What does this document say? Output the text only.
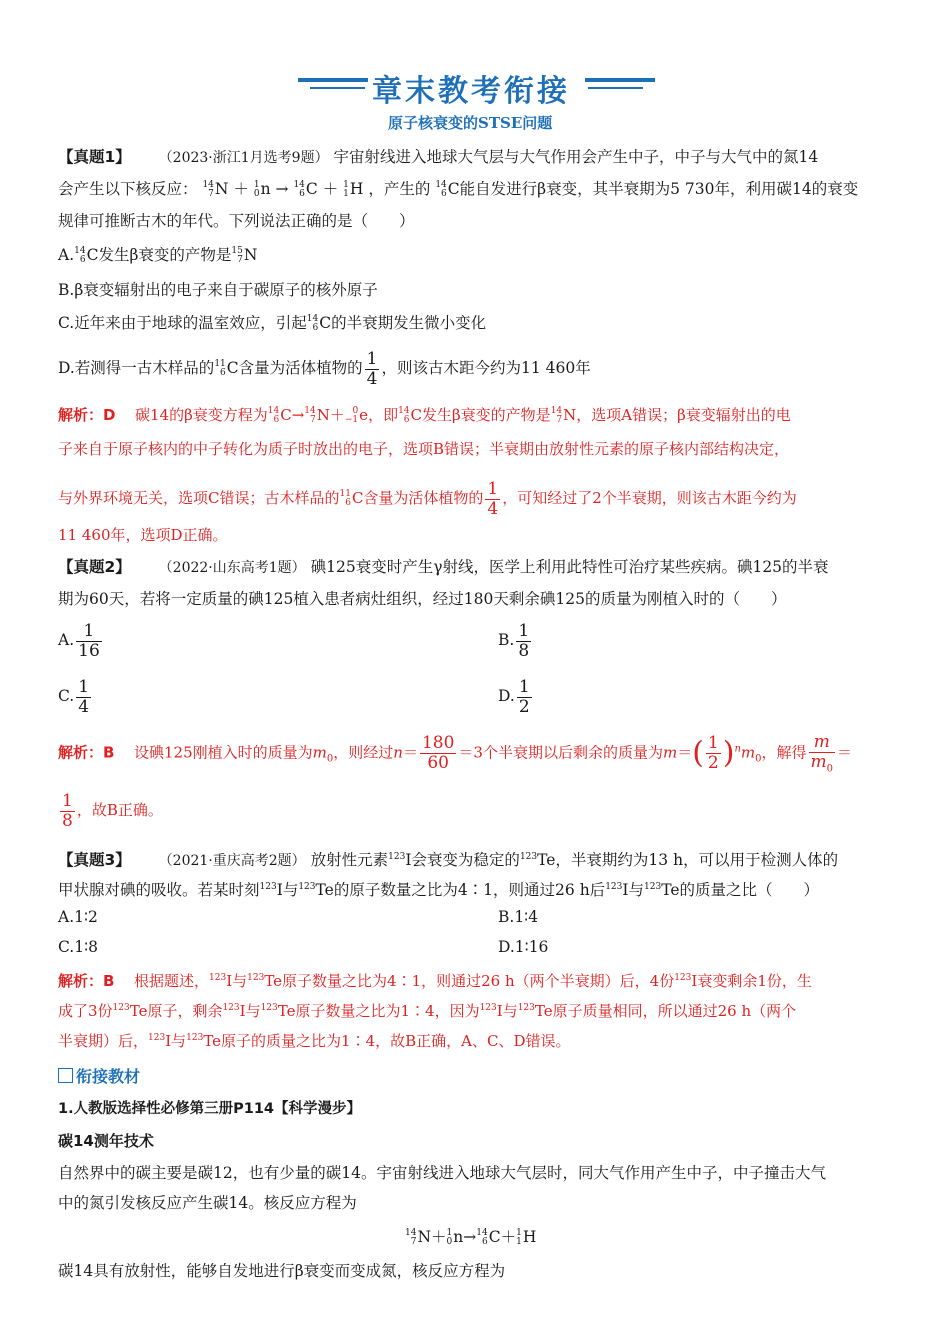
章末教考衔接
原子核衰变的STSE问题
【真题1】 （2023·浙江1月选考9题） 宇宙射线进入地球大气层与大气作用会产生中子，中子与大气中的氮14
会产生以下核反应： 14
7 N ＋ 1
0 n → 14
6 C ＋ 1
1 H ，产生的 14
6 C能自发进行β衰变，其半衰期为5 730年，利用碳14的衰变
规律可推断古木的年代。下列说法正确的是（　　）
A. 14
6 C发生β衰变的产物是 15
7 N
B.β衰变辐射出的电子来自于碳原子的核外原子
C.近年来由于地球的温室效应，引起 14
6 C的半衰期发生微小变化
D.若测得一古木样品的 11
6 C含量为活体植物的 $\frac{1}{4}$ ，则该古木距今约为11 460年
解析：D 碳14的β衰变方程为 14
6 C→ 14
7 N＋ 0
−1 e，即 14
6 C发生β衰变的产物是 14
7 N，选项A错误；β衰变辐射出的电
子来自于原子核内的中子转化为质子时放出的电子，选项B错误；半衰期由放射性元素的原子核内部结构决定，
与外界环境无关，选项C错误；古木样品的 11
6 C含量为活体植物的 $\frac{1}{4}$ ，可知经过了2个半衰期，则该古木距今约为
11 460年，选项D正确。
【真题2】 （2022·山东高考1题） 碘125衰变时产生γ射线，医学上利用此特性可治疗某些疾病。碘125的半衰
期为60天，若将一定质量的碘125植入患者病灶组织，经过180天剩余碘125的质量为刚植入时的（　　）
A. $\frac{1}{16}$	B. $\frac{1}{8}$
C. $\frac{1}{4}$	D. $\frac{1}{2}$
解析：B 设碘125刚植入时的质量为$m_0$，则经过$n= \frac{180}{60} =3$个半衰期以后剩余的质量为$m=( \frac{1}{2} )^nm_0$，解得 $\frac{m}{m_0}$ ＝
$\frac{1}{8}$ ，故B正确。
【真题3】 （2021·重庆高考2题） 放射性元素$^{123}$I会衰变为稳定的$^{123}$Te，半衰期约为13 h，可以用于检测人体的
甲状腺对碘的吸收。若某时刻$^{123}$I与$^{123}$Te的原子数量之比为4∶1，则通过26 h后$^{123}$I与$^{123}$Te的质量之比（　　）
A.1∶2	B.1∶4
C.1∶8	D.1∶16
解析：B 根据题述，$^{123}$I与$^{123}$Te原子数量之比为4∶1，则通过26 h（两个半衰期）后，4份$^{123}$I衰变剩余1份，生
成了3份$^{123}$Te原子，剩余$^{123}$I与$^{123}$Te原子数量之比为1∶4，因为$^{123}$I与$^{123}$Te原子质量相同，所以通过26 h（两个
半衰期）后，$^{123}$I与$^{123}$Te原子的质量之比为1∶4，故B正确，A、C、D错误。
衔接教材
1.人教版选择性必修第三册P114【科学漫步】
碳14测年技术
自然界中的碳主要是碳12，也有少量的碳14。宇宙射线进入地球大气层时，同大气作用产生中子，中子撞击大气
中的氮引发核反应产生碳14。核反应方程为
14
7 N＋ 1
0 n→ 14
6 C＋ 1
1 H
碳14具有放射性，能够自发地进行β衰变而变成氮，核反应方程为
